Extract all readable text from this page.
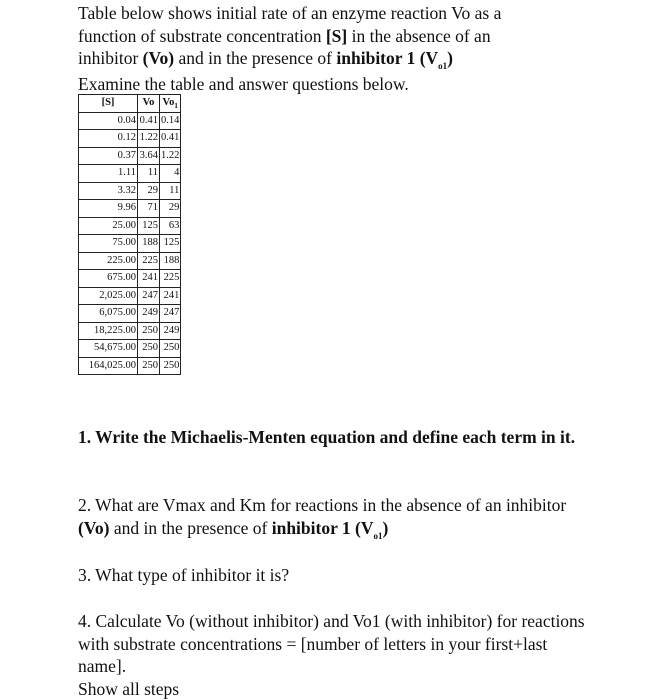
Table below shows initial rate of an enzyme reaction Vo as a

function of substrate concentration [S] in the absence of an

inhibitor (Vo) and in the presence of inhibitor 1 $(V_{o1})$

Examine the table and answer questions below.

[S]	Vo	$Vo_1$
0.04	0.41	0.14
0.12	1.22	0.41
0.37	3.64	1.22
1.11	11	4
3.32	29	11
9.96	71	29
25.00	125	63
75.00	188	125
225.00	225	188
675.00	241	225
2,025.00	247	241
6,075.00	249	247
18,225.00	250	249
54,675.00	250	250
164,025.00	250	250

1. Write the Michaelis-Menten equation and define each term in it.

2. What are Vmax and Km for reactions in the absence of an inhibitor (Vo) and in the presence of inhibitor 1 $(V_{o1})$

3. What type of inhibitor it is?

4. Calculate Vo (without inhibitor) and Vo1 (with inhibitor) for reactions with substrate concentrations = [number of letters in your first+last name].

Show all steps
